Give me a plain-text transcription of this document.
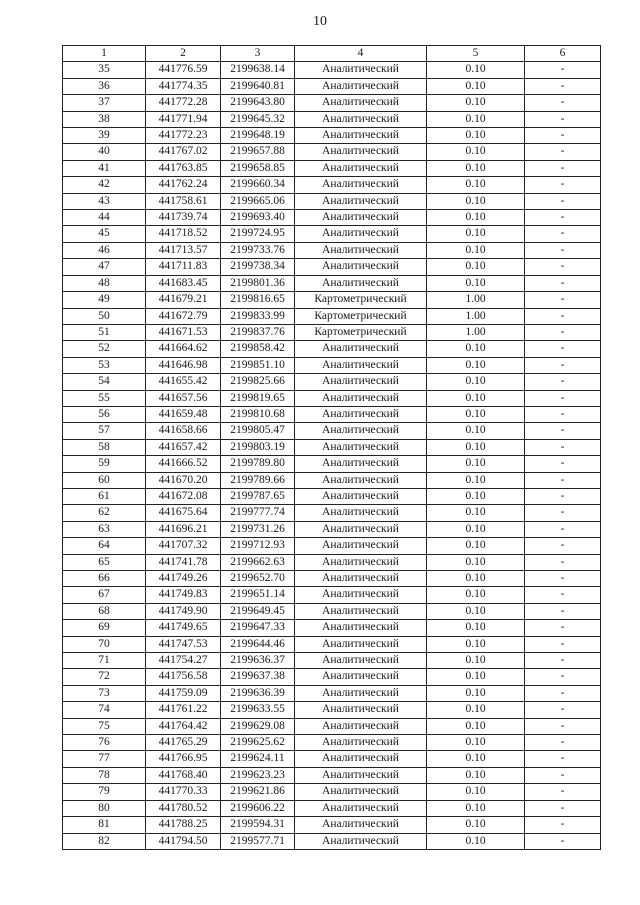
10
1	2	3	4	5	6
35	441776.59	2199638.14	Аналитический	0.10	-
36	441774.35	2199640.81	Аналитический	0.10	-
37	441772.28	2199643.80	Аналитический	0.10	-
38	441771.94	2199645.32	Аналитический	0.10	-
39	441772.23	2199648.19	Аналитический	0.10	-
40	441767.02	2199657.88	Аналитический	0.10	-
41	441763.85	2199658.85	Аналитический	0.10	-
42	441762.24	2199660.34	Аналитический	0.10	-
43	441758.61	2199665.06	Аналитический	0.10	-
44	441739.74	2199693.40	Аналитический	0.10	-
45	441718.52	2199724.95	Аналитический	0.10	-
46	441713.57	2199733.76	Аналитический	0.10	-
47	441711.83	2199738.34	Аналитический	0.10	-
48	441683.45	2199801.36	Аналитический	0.10	-
49	441679.21	2199816.65	Картометрический	1.00	-
50	441672.79	2199833.99	Картометрический	1.00	-
51	441671.53	2199837.76	Картометрический	1.00	-
52	441664.62	2199858.42	Аналитический	0.10	-
53	441646.98	2199851.10	Аналитический	0.10	-
54	441655.42	2199825.66	Аналитический	0.10	-
55	441657.56	2199819.65	Аналитический	0.10	-
56	441659.48	2199810.68	Аналитический	0.10	-
57	441658.66	2199805.47	Аналитический	0.10	-
58	441657.42	2199803.19	Аналитический	0.10	-
59	441666.52	2199789.80	Аналитический	0.10	-
60	441670.20	2199789.66	Аналитический	0.10	-
61	441672.08	2199787.65	Аналитический	0.10	-
62	441675.64	2199777.74	Аналитический	0.10	-
63	441696.21	2199731.26	Аналитический	0.10	-
64	441707.32	2199712.93	Аналитический	0.10	-
65	441741.78	2199662.63	Аналитический	0.10	-
66	441749.26	2199652.70	Аналитический	0.10	-
67	441749.83	2199651.14	Аналитический	0.10	-
68	441749.90	2199649.45	Аналитический	0.10	-
69	441749.65	2199647.33	Аналитический	0.10	-
70	441747.53	2199644.46	Аналитический	0.10	-
71	441754.27	2199636.37	Аналитический	0.10	-
72	441756.58	2199637.38	Аналитический	0.10	-
73	441759.09	2199636.39	Аналитический	0.10	-
74	441761.22	2199633.55	Аналитический	0.10	-
75	441764.42	2199629.08	Аналитический	0.10	-
76	441765.29	2199625.62	Аналитический	0.10	-
77	441766.95	2199624.11	Аналитический	0.10	-
78	441768.40	2199623.23	Аналитический	0.10	-
79	441770.33	2199621.86	Аналитический	0.10	-
80	441780.52	2199606.22	Аналитический	0.10	-
81	441788.25	2199594.31	Аналитический	0.10	-
82	441794.50	2199577.71	Аналитический	0.10	-
